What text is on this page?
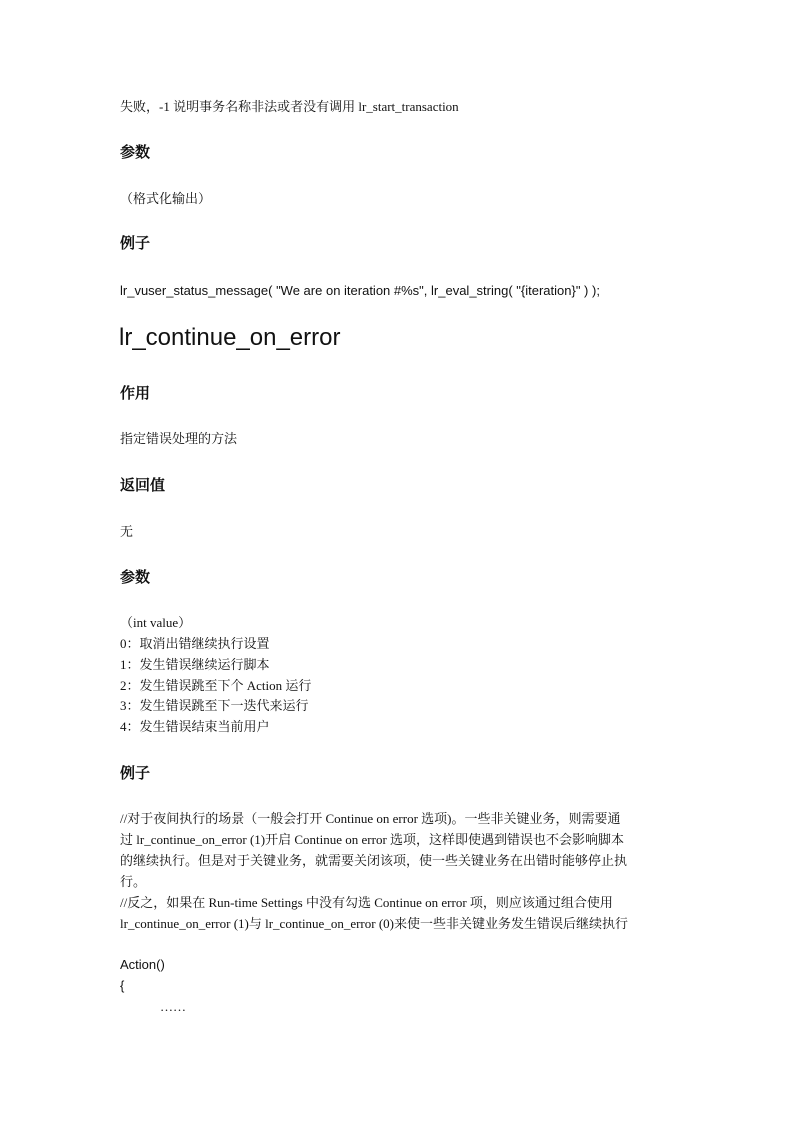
失败，-1 说明事务名称非法或者没有调用 lr_start_transaction
参数
（格式化输出）
例子
lr_vuser_status_message( "We are on iteration #%s", lr_eval_string( "{iteration}" ) );
lr_continue_on_error
作用
指定错误处理的方法
返回值
无
参数
（int value）
0：取消出错继续执行设置
1：发生错误继续运行脚本
2：发生错误跳至下个 Action 运行
3：发生错误跳至下一迭代来运行
4：发生错误结束当前用户
例子
//对于夜间执行的场景（一般会打开 Continue on error 选项)。一些非关键业务，则需要通
过 lr_continue_on_error (1)开启 Continue on error 选项，这样即使遇到错误也不会影响脚本
的继续执行。但是对于关键业务，就需要关闭该项，使一些关键业务在出错时能够停止执
行。
//反之，如果在 Run-time Settings 中没有勾选 Continue on error 项，则应该通过组合使用
lr_continue_on_error (1)与 lr_continue_on_error (0)来使一些非关键业务发生错误后继续执行
Action()
{
……
